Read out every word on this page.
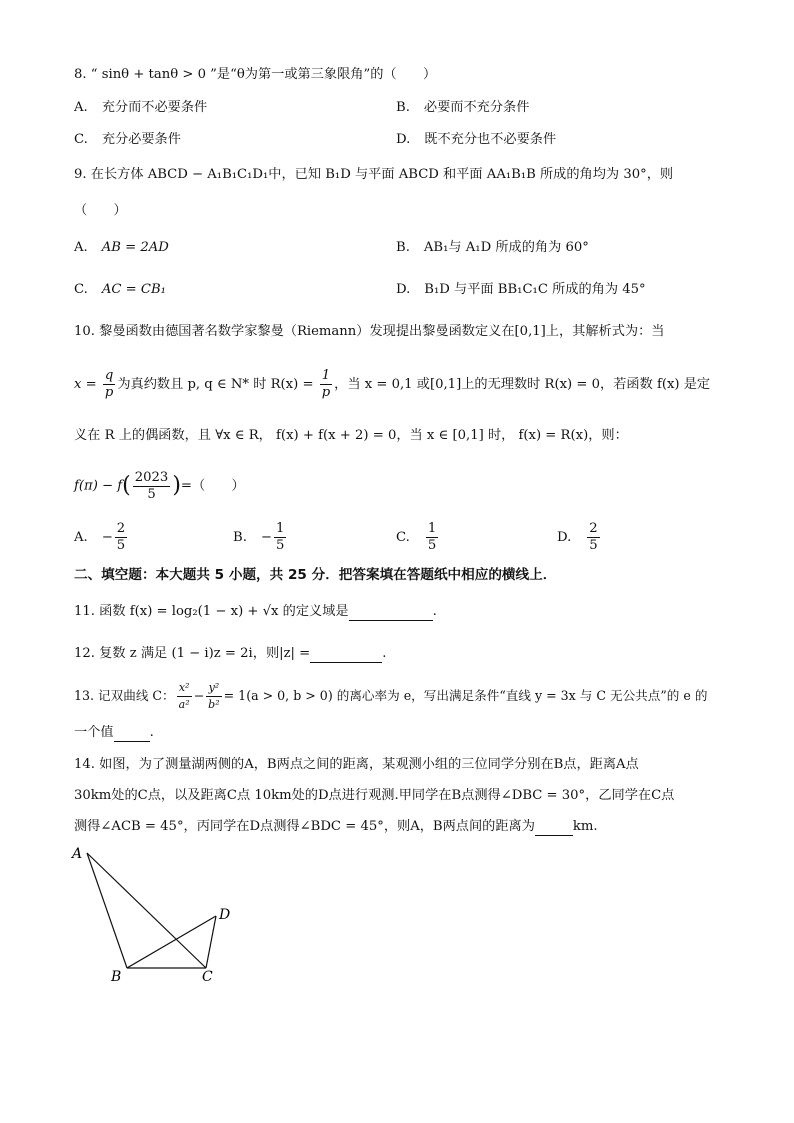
8. “ sinθ + tanθ > 0 ”是“θ为第一或第三象限角”的（　　）
A. 充分而不必要条件	B. 必要而不充分条件
C. 充分必要条件	D. 既不充分也不必要条件
9. 在长方体 ABCD − A₁B₁C₁D₁中，已知 B₁D 与平面 ABCD 和平面 AA₁B₁B 所成的角均为 30°，则
（　　）
A. AB = 2AD	B. AB₁与 A₁D 所成的角为 60°
C. AC = CB₁	D. B₁D 与平面 BB₁C₁C 所成的角为 45°
10. 黎曼函数由德国著名数学家黎曼（Riemann）发现提出黎曼函数定义在[0,1]上，其解析式为：当
$x = \frac{q}{p}$ 为真约数且 p, q ∈ N* 时 $R(x) = \frac{1}{p}$ ，当 x = 0,1 或[0,1]上的无理数时 R(x) = 0，若函数 f(x) 是定
义在 R 上的偶函数，且 ∀x ∈ R， f(x) + f(x + 2) = 0，当 x ∈ [0,1] 时， f(x) = R(x)，则：
$f(\pi) - f( \frac{2023}{5}$ )=（　　）
A. − $\frac{2}{5}$	B. − $\frac{1}{5}$	C. $\frac{1}{5}$	D. $\frac{2}{5}$
二、填空题：本大题共 5 小题，共 25 分．把答案填在答题纸中相应的横线上．
11. 函数 f(x) = log₂(1 − x) + √x 的定义域是	.
12. 复数 z 满足 (1 − i)z = 2i，则|z| =	.
13. 记双曲线 C： $\frac{\text{x²}}{\text{a²}} - \frac{\text{y²}}{\text{b²}} = 1(a > 0$, b > 0) 的离心率为 e，写出满足条件“直线 y = 3x 与 C 无公共点”的 e 的
一个值	.
14. 如图，为了测量湖两侧的A，B两点之间的距离，某观测小组的三位同学分别在B点，距离A点
30km处的C点，以及距离C点 10km处的D点进行观测.甲同学在B点测得∠DBC = 30°，乙同学在C点
测得∠ACB = 45°，丙同学在D点测得∠BDC = 45°，则A，B两点间的距离为	km.
A
B	C
D
